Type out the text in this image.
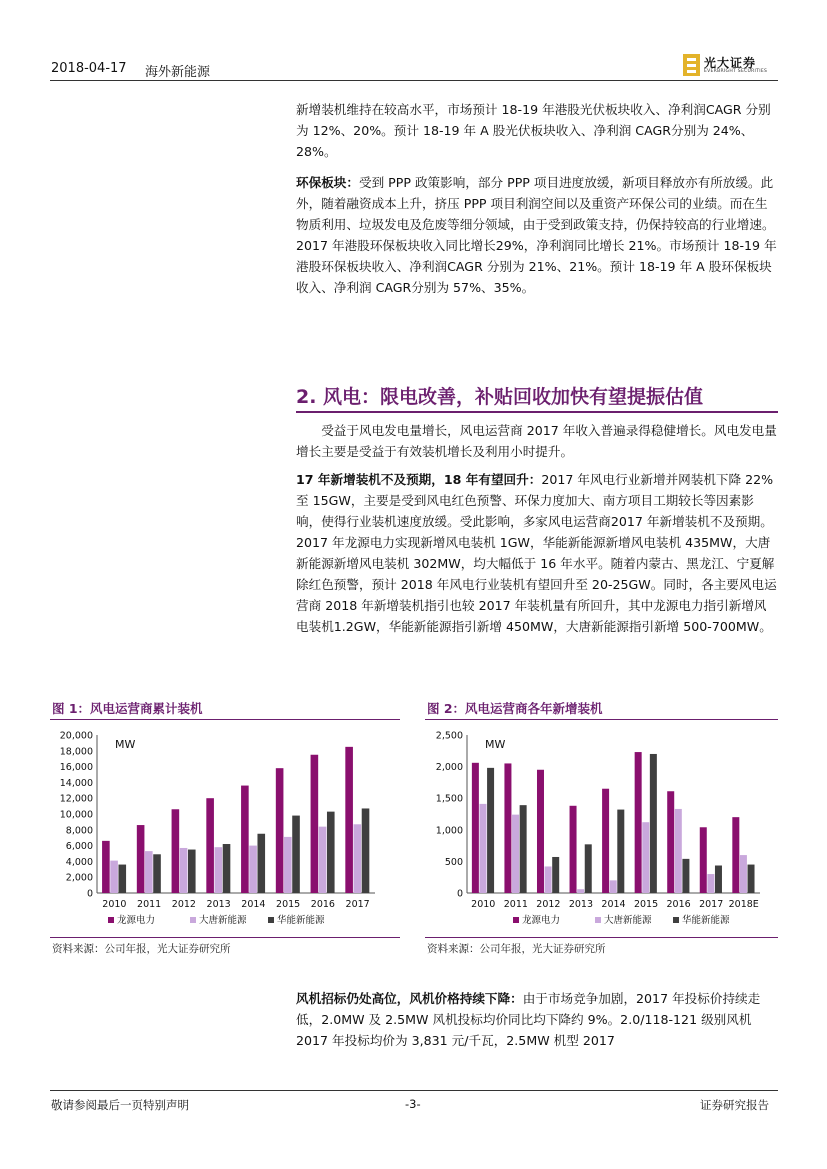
2018-04-17 海外新能源
光大证券
EVERBRIGHT SECURITIES

新增装机维持在较高水平，市场预计 18-19 年港股光伏板块收入、净利润CAGR 分别为 12%、20%。预计 18-19 年 A 股光伏板块收入、净利润 CAGR分别为 24%、28%。

环保板块：受到 PPP 政策影响，部分 PPP 项目进度放缓，新项目释放亦有所放缓。此外，随着融资成本上升，挤压 PPP 项目利润空间以及重资产环保公司的业绩。而在生物质利用、垃圾发电及危废等细分领域，由于受到政策支持，仍保持较高的行业增速。2017 年港股环保板块收入同比增长29%，净利润同比增长 21%。市场预计 18-19 年港股环保板块收入、净利润CAGR 分别为 21%、21%。预计 18-19 年 A 股环保板块收入、净利润 CAGR分别为 57%、35%。

2. 风电：限电改善，补贴回收加快有望提振估值

受益于风电发电量增长，风电运营商 2017 年收入普遍录得稳健增长。风电发电量增长主要是受益于有效装机增长及利用小时提升。

17 年新增装机不及预期，18 年有望回升：2017 年风电行业新增并网装机下降 22%至 15GW，主要是受到风电红色预警、环保力度加大、南方项目工期较长等因素影响，使得行业装机速度放缓。受此影响，多家风电运营商2017 年新增装机不及预期。2017 年龙源电力实现新增风电装机 1GW，华能新能源新增风电装机 435MW，大唐新能源新增风电装机 302MW，均大幅低于 16 年水平。随着内蒙古、黑龙江、宁夏解除红色预警，预计 2018 年风电行业装机有望回升至 20-25GW。同时，各主要风电运营商 2018 年新增装机指引也较 2017 年装机量有所回升，其中龙源电力指引新增风电装机1.2GW，华能新能源指引新增 450MW，大唐新能源指引新增 500-700MW。

图 1：风电运营商累计装机
0
2,000
4,000
6,000
8,000
10,000
12,000
14,000
16,000
18,000
20,000
MW
2010 2011 2012 2013 2014 2015 2016 2017
龙源电力	大唐新能源	华能新能源
资料来源：公司年报，光大证券研究所
图 2：风电运营商各年新增装机
0
500
1,000
1,500
2,000
2,500
MW
2010 2011 2012 2013 2014 2015 2016 2017 2018E
龙源电力	大唐新能源	华能新能源
资料来源：公司年报，光大证券研究所

风机招标仍处高位，风机价格持续下降：由于市场竞争加剧，2017 年投标价持续走低，2.0MW 及 2.5MW 风机投标均价同比均下降约 9%。2.0/118-121 级别风机 2017 年投标均价为 3,831 元/千瓦，2.5MW 机型 2017

敬请参阅最后一页特别声明	-3-	证券研究报告
